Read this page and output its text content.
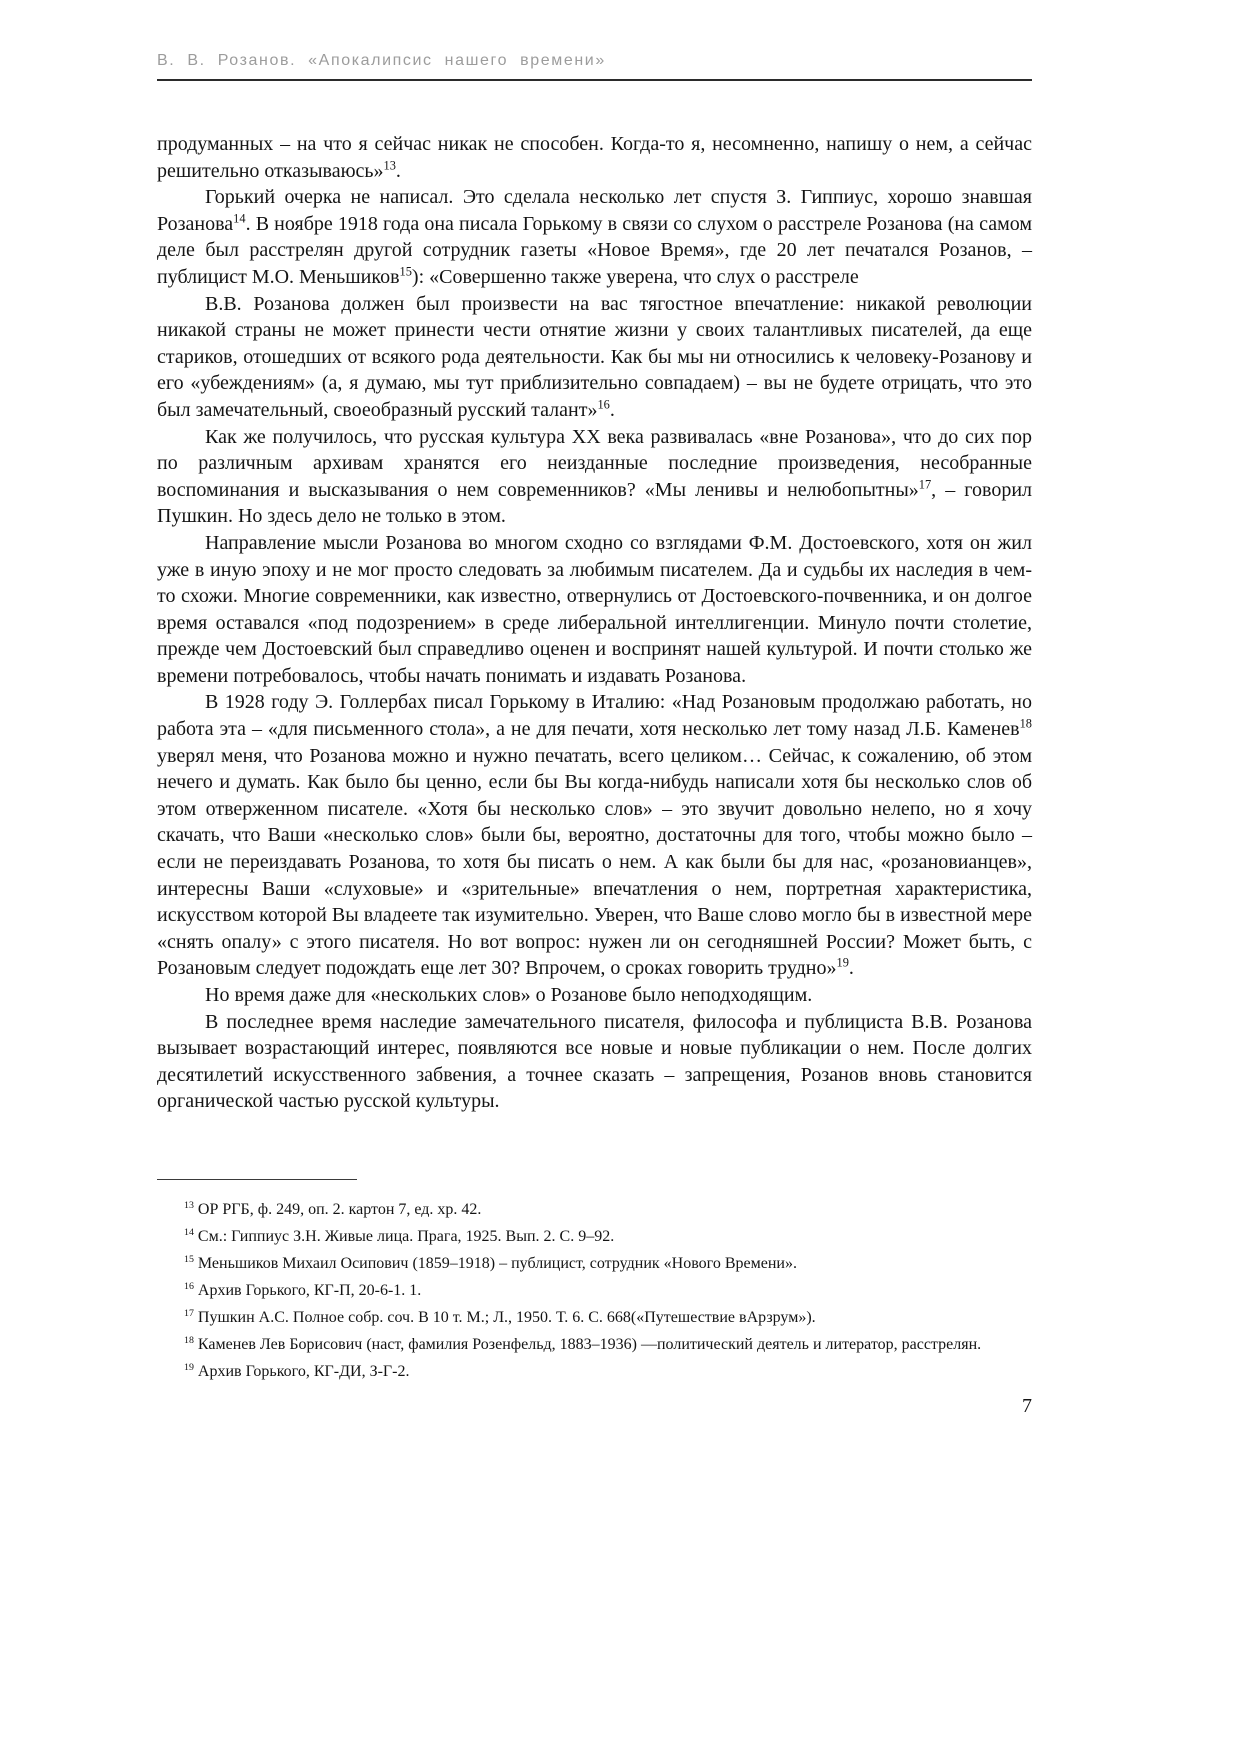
В. В. Розанов. «Апокалипсис нашего времени»

продуманных – на что я сейчас никак не способен. Когда-то я, несомненно, напишу о нем, а сейчас решительно отказываюсь»$^{13}$.

Горький очерка не написал. Это сделала несколько лет спустя З. Гиппиус, хорошо знавшая Розанова$^{14}$. В ноябре 1918 года она писала Горькому в связи со слухом о расстреле Розанова (на самом деле был расстрелян другой сотрудник газеты «Новое Время», где 20 лет печатался Розанов, – публицист М.О. Меньшиков$^{15}$): «Совершенно также уверена, что слух о расстреле

В.В. Розанова должен был произвести на вас тягостное впечатление: никакой революции никакой страны не может принести чести отнятие жизни у своих талантливых писателей, да еще стариков, отошедших от всякого рода деятельности. Как бы мы ни относились к человеку-Розанову и его «убеждениям» (а, я думаю, мы тут приблизительно совпадаем) – вы не будете отрицать, что это был замечательный, своеобразный русский талант»$^{16}$.

Как же получилось, что русская культура XX века развивалась «вне Розанова», что до сих пор по различным архивам хранятся его неизданные последние произведения, несобранные воспоминания и высказывания о нем современников? «Мы ленивы и нелюбопытны»$^{17}$, – говорил Пушкин. Но здесь дело не только в этом.

Направление мысли Розанова во многом сходно со взглядами Ф.М. Достоевского, хотя он жил уже в иную эпоху и не мог просто следовать за любимым писателем. Да и судьбы их наследия в чем-то схожи. Многие современники, как известно, отвернулись от Достоевского-почвенника, и он долгое время оставался «под подозрением» в среде либеральной интеллигенции. Минуло почти столетие, прежде чем Достоевский был справедливо оценен и воспринят нашей культурой. И почти столько же времени потребовалось, чтобы начать понимать и издавать Розанова.

В 1928 году Э. Голлербах писал Горькому в Италию: «Над Розановым продолжаю работать, но работа эта – «для письменного стола», а не для печати, хотя несколько лет тому назад Л.Б. Каменев$^{18}$ уверял меня, что Розанова можно и нужно печатать, всего целиком… Сейчас, к сожалению, об этом нечего и думать. Как было бы ценно, если бы Вы когда-нибудь написали хотя бы несколько слов об этом отверженном писателе. «Хотя бы несколько слов» – это звучит довольно нелепо, но я хочу скачать, что Ваши «несколько слов» были бы, вероятно, достаточны для того, чтобы можно было – если не переиздавать Розанова, то хотя бы писать о нем. А как были бы для нас, «розановианцев», интересны Ваши «слуховые» и «зрительные» впечатления о нем, портретная характеристика, искусством которой Вы владеете так изумительно. Уверен, что Ваше слово могло бы в известной мере «снять опалу» с этого писателя. Но вот вопрос: нужен ли он сегодняшней России? Может быть, с Розановым следует подождать еще лет 30? Впрочем, о сроках говорить трудно»$^{19}$.

Но время даже для «нескольких слов» о Розанове было неподходящим.

В последнее время наследие замечательного писателя, философа и публициста В.В. Розанова вызывает возрастающий интерес, появляются все новые и новые публикации о нем. После долгих десятилетий искусственного забвения, а точнее сказать – запрещения, Розанов вновь становится органической частью русской культуры.

$^{13}$ ОР РГБ, ф. 249, оп. 2. картон 7, ед. хр. 42.

$^{14}$ См.: Гиппиус З.Н. Живые лица. Прага, 1925. Вып. 2. С. 9–92.

$^{15}$ Меньшиков Михаил Осипович (1859–1918) – публицист, сотрудник «Нового Времени».

$^{16}$ Архив Горького, КГ-П, 20-6-1. 1.

$^{17}$ Пушкин А.С. Полное собр. соч. В 10 т. М.; Л., 1950. Т. 6. С. 668(«Путешествие вАрзрум»).

$^{18}$ Каменев Лев Борисович (наст, фамилия Розенфельд, 1883–1936) —политический деятель и литератор, расстрелян.

$^{19}$ Архив Горького, КГ-ДИ, З-Г-2.

7
